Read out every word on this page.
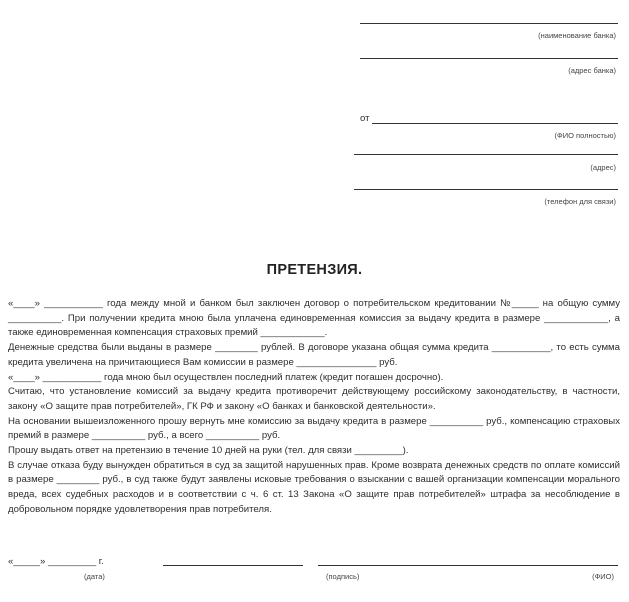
(наименование банка)
(адрес банка)
от
(ФИО полностью)
(адрес)
(телефон для связи)
ПРЕТЕНЗИЯ.

«____» ___________ года между мной и банком был заключен договор о потребительском кредитовании №_____ на общую сумму __________. При получении кредита мною была уплачена единовременная комиссия за выдачу кредита в размере ____________, а также единовременная компенсация страховых премий ____________.

Денежные средства были выданы в размере ________ рублей. В договоре указана общая сумма кредита ___________, то есть сумма кредита увеличена на причитающиеся Вам комиссии в размере _______________ руб.

«____» ___________ года мною был осуществлен последний платеж (кредит погашен досрочно).

Считаю, что установление комиссий за выдачу кредита противоречит действующему российскому законодательству, в частности, закону «О защите прав потребителей», ГК РФ и закону «О банках и банковской деятельности».

На основании вышеизложенного прошу вернуть мне комиссию за выдачу кредита в размере __________ руб., компенсацию страховых премий в размере __________ руб., а всего __________ руб.

Прошу выдать ответ на претензию в течение 10 дней на руки (тел. для связи _________).

В случае отказа буду вынужден обратиться в суд за защитой нарушенных прав. Кроме возврата денежных средств по оплате комиссий в размере ________ руб., в суд также будут заявлены исковые требования о взыскании с вашей организации компенсации морального вреда, всех судебных расходов и в соответствии с ч. 6 ст. 13 Закона «О защите прав потребителей» штрафа за несоблюдение в добровольном порядке удовлетворения прав потребителя.

«_____» _________ г.
(дата)	(подпись)	(ФИО)
